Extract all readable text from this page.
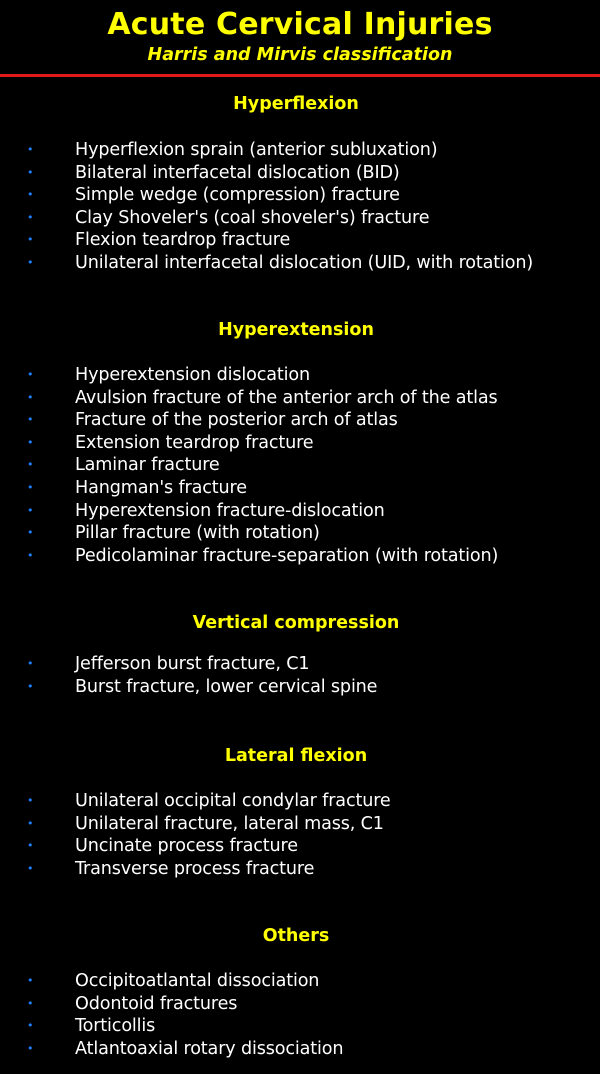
Acute Cervical Injuries
Harris and Mirvis classification
Hyperflexion
• Hyperflexion sprain (anterior subluxation)
• Bilateral interfacetal dislocation (BID)
• Simple wedge (compression) fracture
• Clay Shoveler's (coal shoveler's) fracture
• Flexion teardrop fracture
• Unilateral interfacetal dislocation (UID, with rotation)
Hyperextension
• Hyperextension dislocation
• Avulsion fracture of the anterior arch of the atlas
• Fracture of the posterior arch of atlas
• Extension teardrop fracture
• Laminar fracture
• Hangman's fracture
• Hyperextension fracture-dislocation
• Pillar fracture (with rotation)
• Pedicolaminar fracture-separation (with rotation)
Vertical compression
• Jefferson burst fracture, C1
• Burst fracture, lower cervical spine
Lateral flexion
• Unilateral occipital condylar fracture
• Unilateral fracture, lateral mass, C1
• Uncinate process fracture
• Transverse process fracture
Others
• Occipitoatlantal dissociation
• Odontoid fractures
• Torticollis
• Atlantoaxial rotary dissociation
